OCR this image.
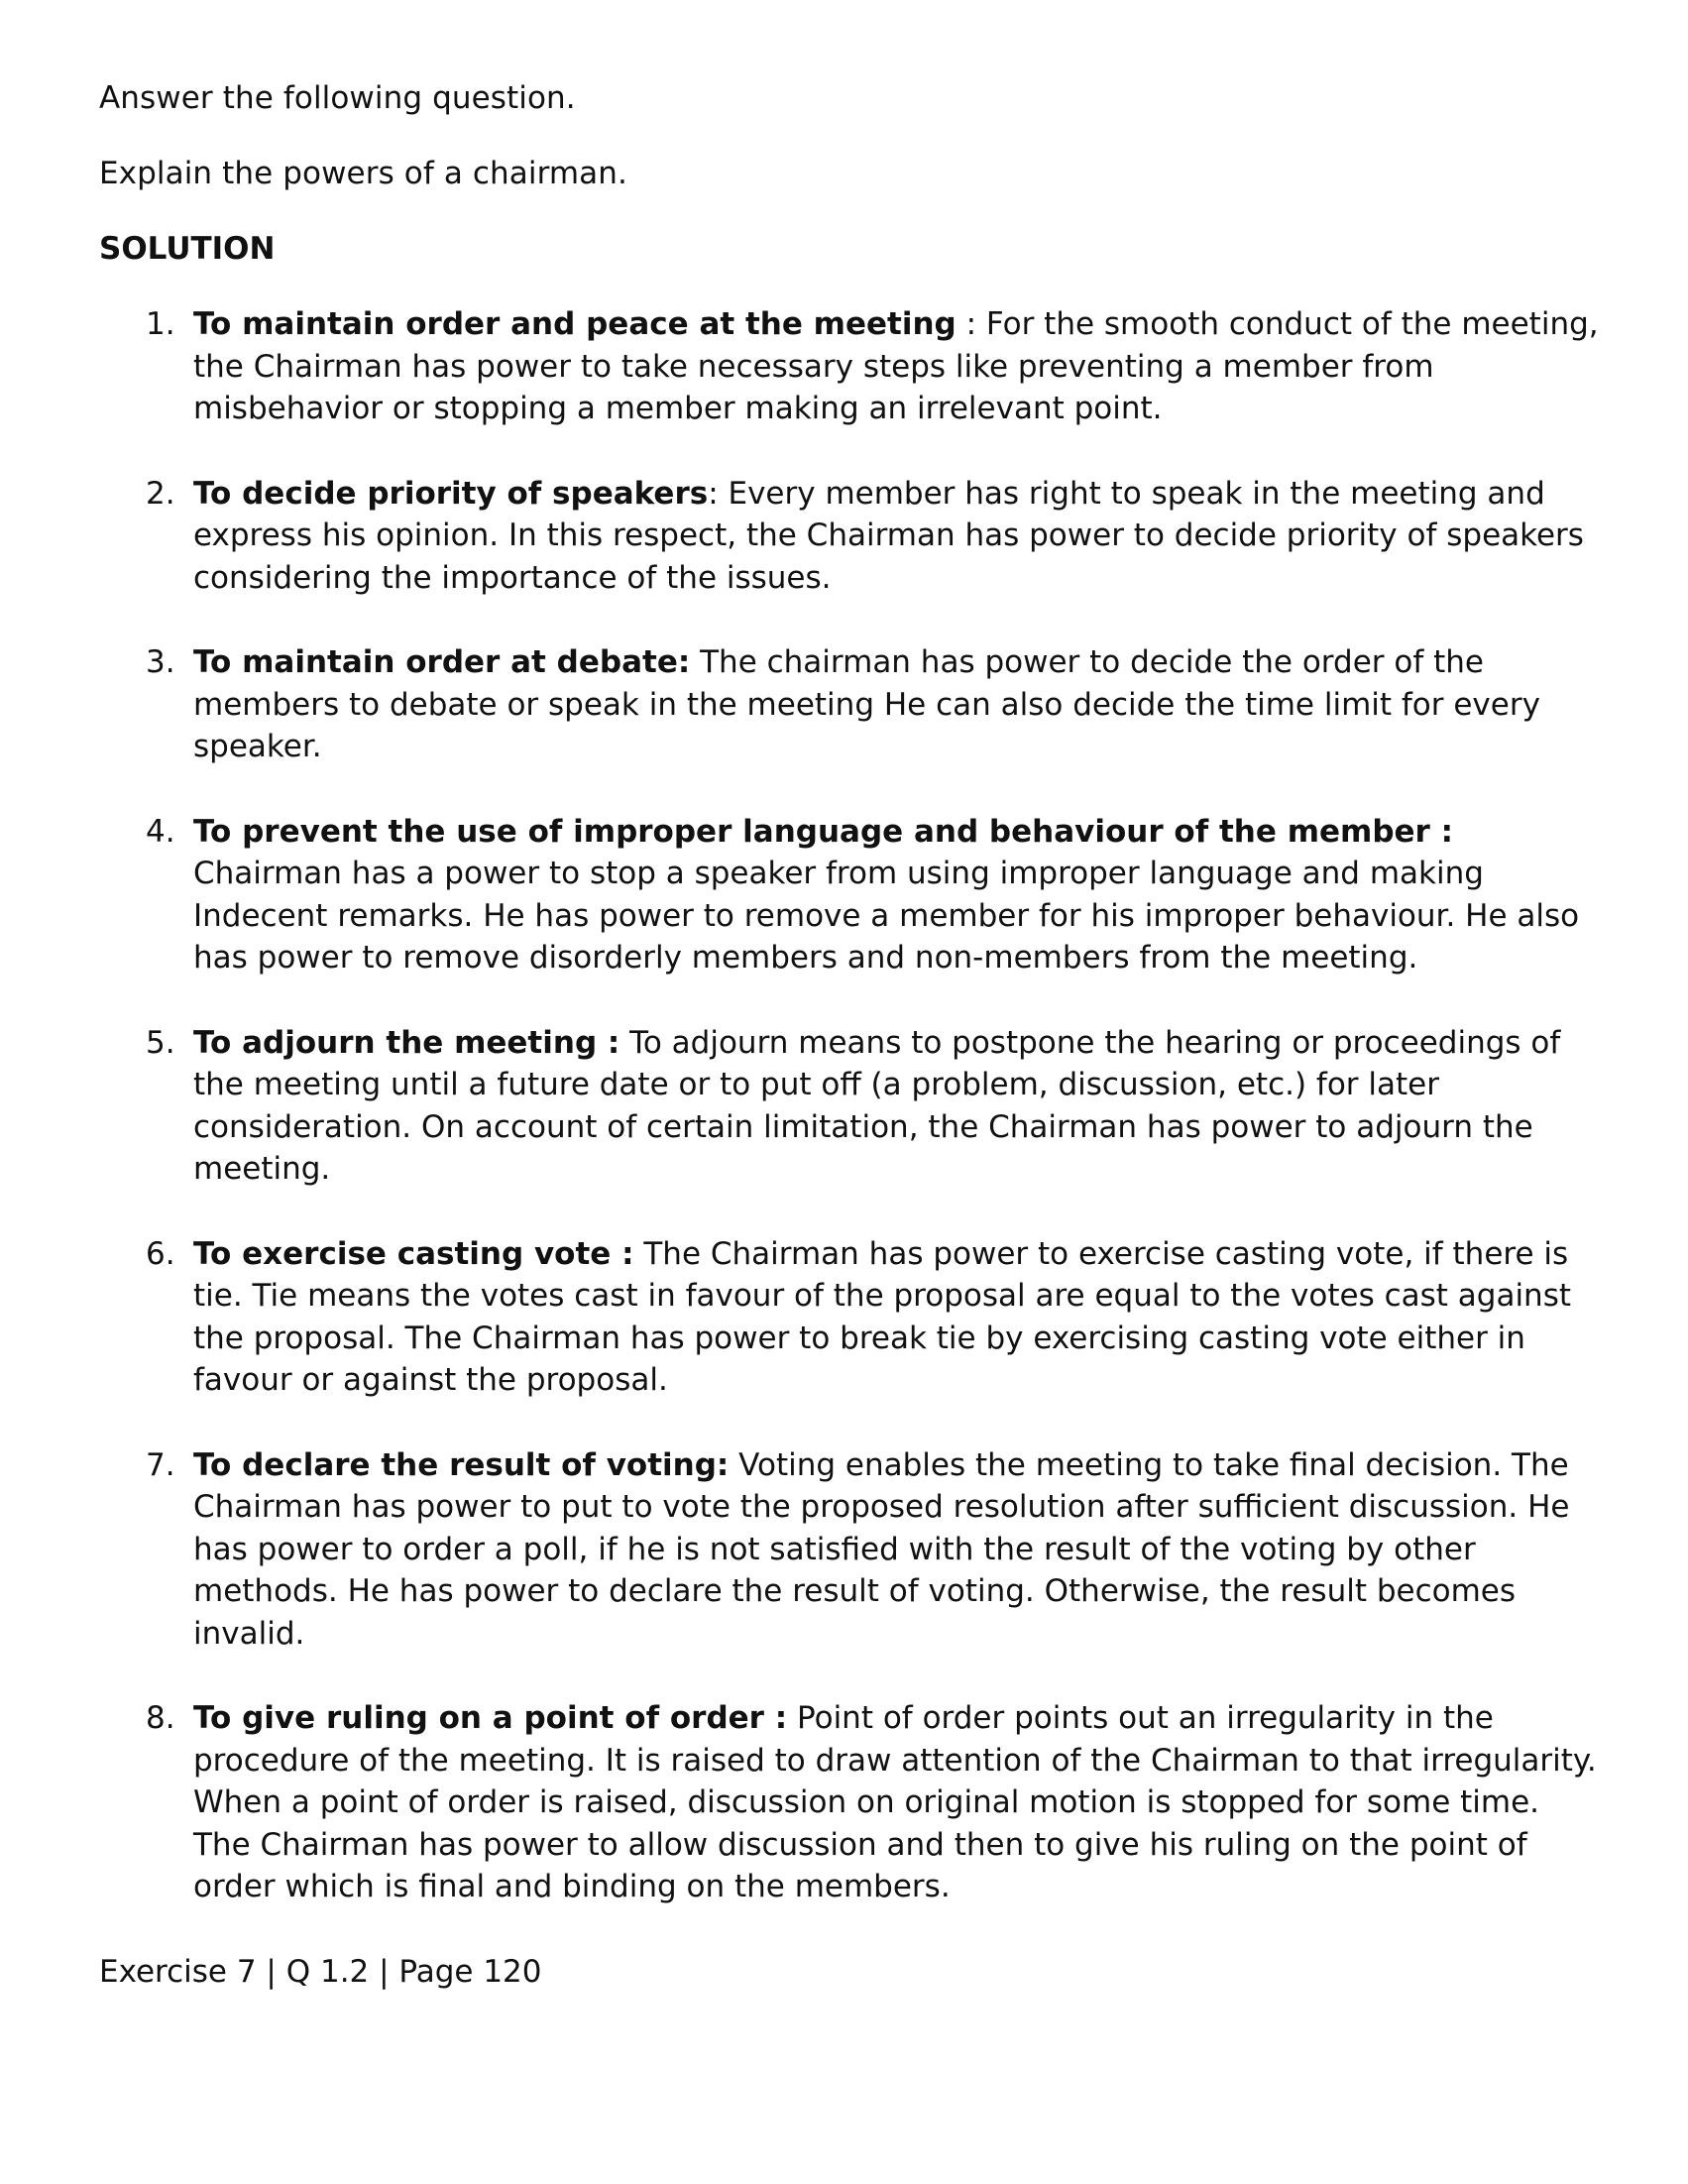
Answer the following question.

Explain the powers of a chairman.

SOLUTION

1. To maintain order and peace at the meeting : For the smooth conduct of the meeting, the Chairman has power to take necessary steps like preventing a member from misbehavior or stopping a member making an irrelevant point.
2. To decide priority of speakers: Every member has right to speak in the meeting and express his opinion. In this respect, the Chairman has power to decide priority of speakers considering the importance of the issues.
3. To maintain order at debate: The chairman has power to decide the order of the members to debate or speak in the meeting He can also decide the time limit for every speaker.
4. To prevent the use of improper language and behaviour of the member : Chairman has a power to stop a speaker from using improper language and making Indecent remarks. He has power to remove a member for his improper behaviour. He also has power to remove disorderly members and non-members from the meeting.
5. To adjourn the meeting : To adjourn means to postpone the hearing or proceedings of the meeting until a future date or to put off (a problem, discussion, etc.) for later consideration. On account of certain limitation, the Chairman has power to adjourn the meeting.
6. To exercise casting vote : The Chairman has power to exercise casting vote, if there is tie. Tie means the votes cast in favour of the proposal are equal to the votes cast against the proposal. The Chairman has power to break tie by exercising casting vote either in favour or against the proposal.
7. To declare the result of voting: Voting enables the meeting to take final decision. The Chairman has power to put to vote the proposed resolution after sufficient discussion. He has power to order a poll, if he is not satisfied with the result of the voting by other methods. He has power to declare the result of voting. Otherwise, the result becomes invalid.
8. To give ruling on a point of order : Point of order points out an irregularity in the procedure of the meeting. It is raised to draw attention of the Chairman to that irregularity. When a point of order is raised, discussion on original motion is stopped for some time. The Chairman has power to allow discussion and then to give his ruling on the point of order which is final and binding on the members.

Exercise 7 | Q 1.2 | Page 120
